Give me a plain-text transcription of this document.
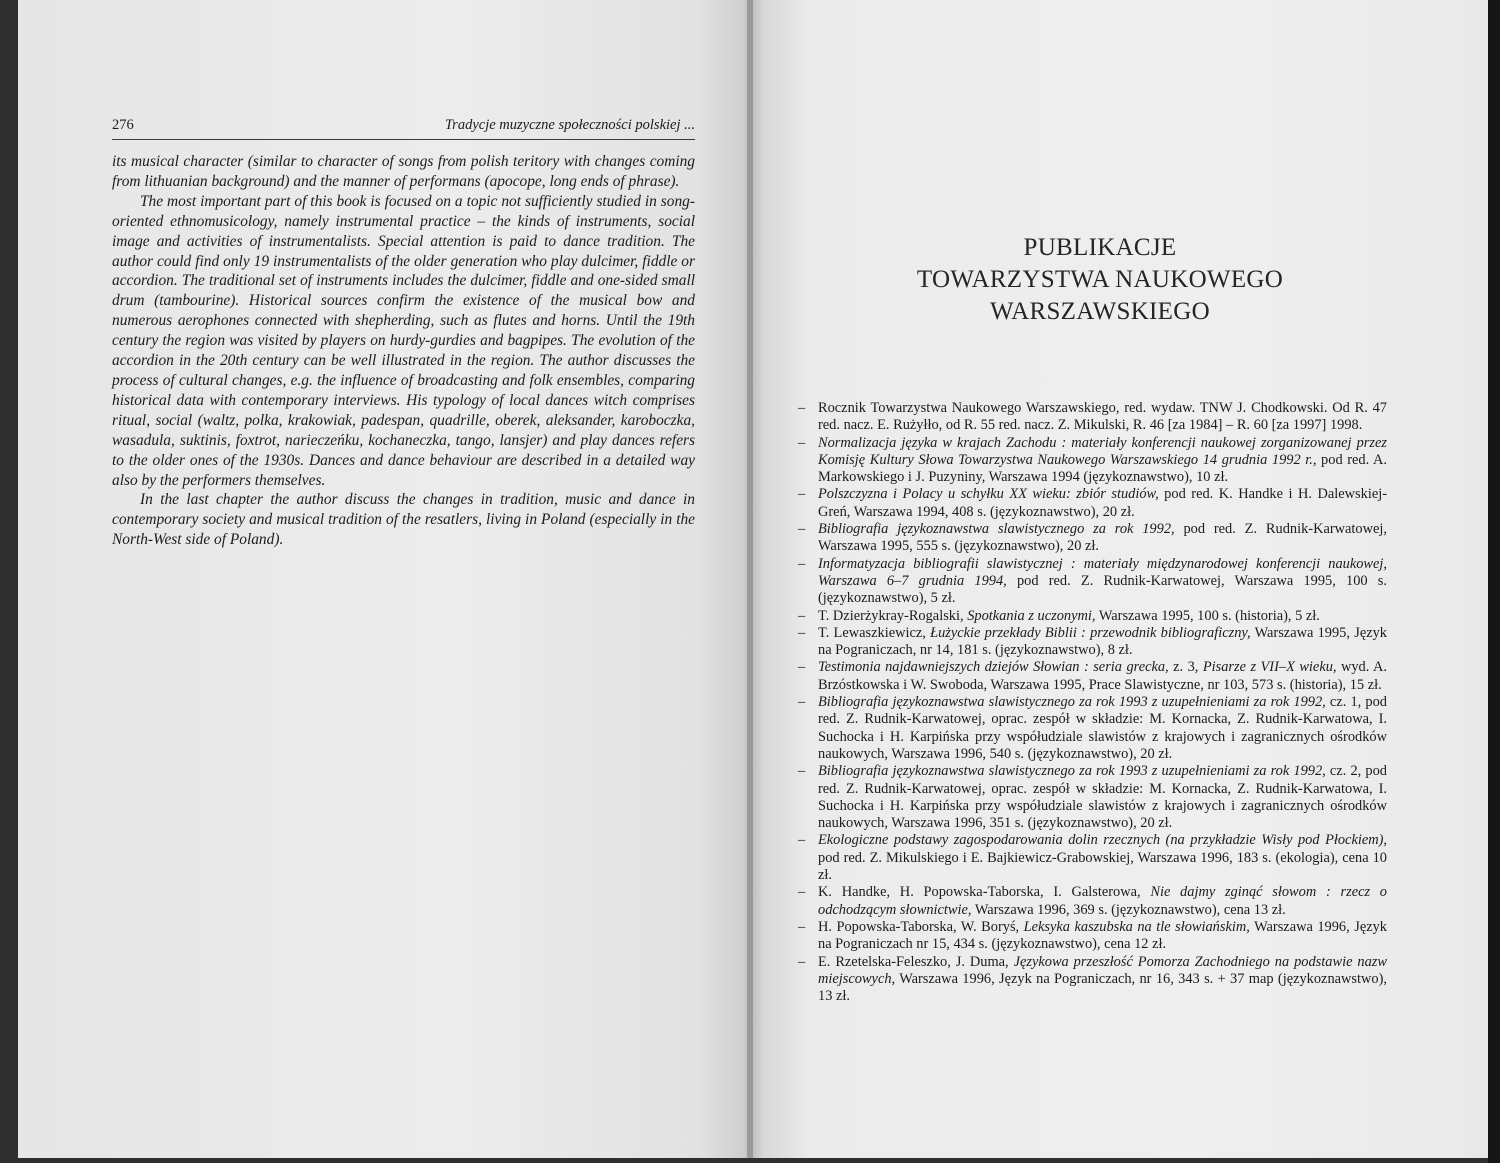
276	Tradycje muzyczne społeczności polskiej ...

its musical character (similar to character of songs from polish teritory with changes coming from lithuanian background) and the manner of performans (apocope, long ends of phrase).

The most important part of this book is focused on a topic not sufficiently studied in song-oriented ethnomusicology, namely instrumental practice – the kinds of instruments, social image and activities of instrumentalists. Special attention is paid to dance tradition. The author could find only 19 instrumentalists of the older generation who play dulcimer, fiddle or accordion. The traditional set of instruments includes the dulcimer, fiddle and one-sided small drum (tambourine). Historical sources confirm the existence of the musical bow and numerous aerophones connected with shepherding, such as flutes and horns. Until the 19th century the region was visited by players on hurdy-gurdies and bagpipes. The evolution of the accordion in the 20th century can be well illustrated in the region. The author discusses the process of cultural changes, e.g. the influence of broadcasting and folk ensembles, comparing historical data with contemporary interviews. His typology of local dances witch comprises ritual, social (waltz, polka, krakowiak, padespan, quadrille, oberek, aleksander, karoboczka, wasadula, suktinis, foxtrot, narieczeńku, kochaneczka, tango, lansjer) and play dances refers to the older ones of the 1930s. Dances and dance behaviour are described in a detailed way also by the performers themselves.

In the last chapter the author discuss the changes in tradition, music and dance in contemporary society and musical tradition of the resatlers, living in Poland (especially in the North-West side of Poland).

PUBLIKACJE
TOWARZYSTWA NAUKOWEGO
WARSZAWSKIEGO
– Rocznik Towarzystwa Naukowego Warszawskiego, red. wydaw. TNW J. Chodkowski. Od R. 47 red. nacz. E. Rużyłło, od R. 55 red. nacz. Z. Mikulski, R. 46 [za 1984] – R. 60 [za 1997] 1998.
– Normalizacja języka w krajach Zachodu : materiały konferencji naukowej zorganizowanej przez Komisję Kultury Słowa Towarzystwa Naukowego Warszawskiego 14 grudnia 1992 r., pod red. A. Markowskiego i J. Puzyniny, Warszawa 1994 (językoznawstwo), 10 zł.
– Polszczyzna i Polacy u schyłku XX wieku: zbiór studiów, pod red. K. Handke i H. Dalewskiej-Greń, Warszawa 1994, 408 s. (językoznawstwo), 20 zł.
– Bibliografia językoznawstwa slawistycznego za rok 1992, pod red. Z. Rudnik-Karwatowej, Warszawa 1995, 555 s. (językoznawstwo), 20 zł.
– Informatyzacja bibliografii slawistycznej : materiały międzynarodowej konferencji naukowej, Warszawa 6–7 grudnia 1994, pod red. Z. Rudnik-Karwatowej, Warszawa 1995, 100 s. (językoznawstwo), 5 zł.
– T. Dzierżykray-Rogalski, Spotkania z uczonymi, Warszawa 1995, 100 s. (historia), 5 zł.
– T. Lewaszkiewicz, Łużyckie przekłady Biblii : przewodnik bibliograficzny, Warszawa 1995, Język na Pograniczach, nr 14, 181 s. (językoznawstwo), 8 zł.
– Testimonia najdawniejszych dziejów Słowian : seria grecka, z. 3, Pisarze z VII–X wieku, wyd. A. Brzóstkowska i W. Swoboda, Warszawa 1995, Prace Slawistyczne, nr 103, 573 s. (historia), 15 zł.
– Bibliografia językoznawstwa slawistycznego za rok 1993 z uzupełnieniami za rok 1992, cz. 1, pod red. Z. Rudnik-Karwatowej, oprac. zespół w składzie: M. Kornacka, Z. Rudnik-Karwatowa, I. Suchocka i H. Karpińska przy współudziale slawistów z krajowych i zagranicznych ośrodków naukowych, Warszawa 1996, 540 s. (językoznawstwo), 20 zł.
– Bibliografia językoznawstwa slawistycznego za rok 1993 z uzupełnieniami za rok 1992, cz. 2, pod red. Z. Rudnik-Karwatowej, oprac. zespół w składzie: M. Kornacka, Z. Rudnik-Karwatowa, I. Suchocka i H. Karpińska przy współudziale slawistów z krajowych i zagranicznych ośrodków naukowych, Warszawa 1996, 351 s. (językoznawstwo), 20 zł.
– Ekologiczne podstawy zagospodarowania dolin rzecznych (na przykładzie Wisły pod Płockiem), pod red. Z. Mikulskiego i E. Bajkiewicz-Grabowskiej, Warszawa 1996, 183 s. (ekologia), cena 10 zł.
– K. Handke, H. Popowska-Taborska, I. Galsterowa, Nie dajmy zginąć słowom : rzecz o odchodzącym słownictwie, Warszawa 1996, 369 s. (językoznawstwo), cena 13 zł.
– H. Popowska-Taborska, W. Boryś, Leksyka kaszubska na tle słowiańskim, Warszawa 1996, Język na Pograniczach nr 15, 434 s. (językoznawstwo), cena 12 zł.
– E. Rzetelska-Feleszko, J. Duma, Językowa przeszłość Pomorza Zachodniego na podstawie nazw miejscowych, Warszawa 1996, Język na Pograniczach, nr 16, 343 s. + 37 map (językoznawstwo), 13 zł.
